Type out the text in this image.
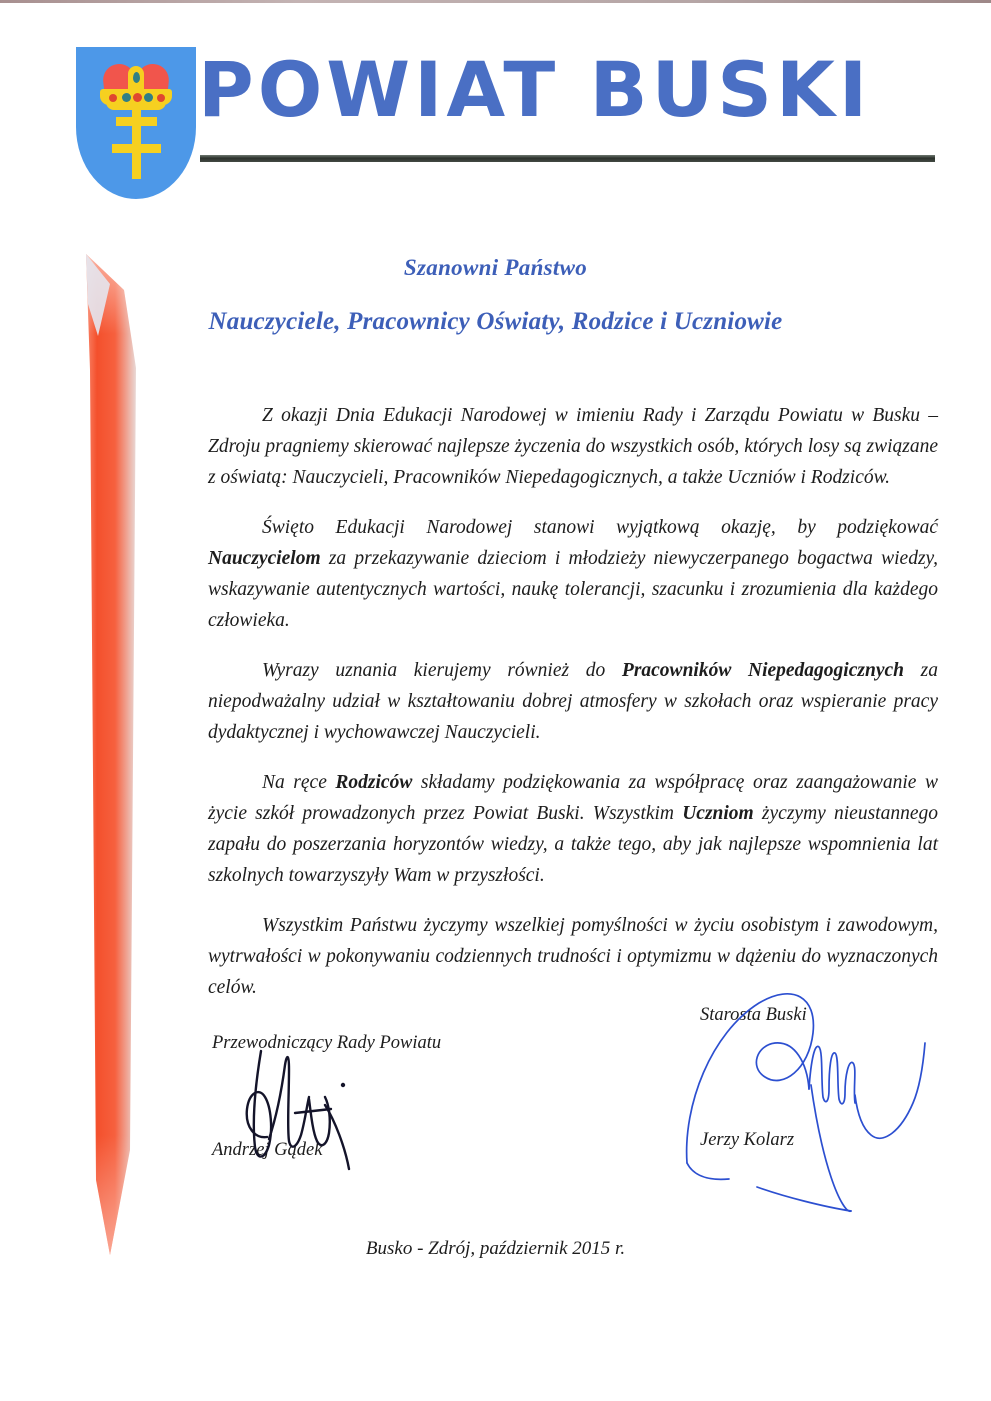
POWIAT BUSKI
Szanowni Państwo
Nauczyciele, Pracownicy Oświaty, Rodzice i Uczniowie

Z okazji Dnia Edukacji Narodowej w imieniu Rady i Zarządu Powiatu w Busku – Zdroju pragniemy skierować najlepsze życzenia do wszystkich osób, których losy są związane z oświatą: Nauczycieli, Pracowników Niepedagogicznych, a także Uczniów i Rodziców.

Święto Edukacji Narodowej stanowi wyjątkową okazję, by podziękować Nauczycielom za przekazywanie dzieciom i młodzieży niewyczerpanego bogactwa wiedzy, wskazywanie autentycznych wartości, naukę tolerancji, szacunku i zrozumienia dla każdego człowieka.

Wyrazy uznania kierujemy również do Pracowników Niepedagogicznych za niepodważalny udział w kształtowaniu dobrej atmosfery w szkołach oraz wspieranie pracy dydaktycznej i wychowawczej Nauczycieli.

Na ręce Rodziców składamy podziękowania za współpracę oraz zaangażowanie w życie szkół prowadzonych przez Powiat Buski. Wszystkim Uczniom życzymy nieustannego zapału do poszerzania horyzontów wiedzy, a także tego, aby jak najlepsze wspomnienia lat szkolnych towarzyszyły Wam w przyszłości.

Wszystkim Państwu życzymy wszelkiej pomyślności w życiu osobistym i zawodowym, wytrwałości w pokonywaniu codziennych trudności i optymizmu w dążeniu do wyznaczonych celów.

Przewodniczący Rady Powiatu
Andrzej Gądek
Starosta Buski
Jerzy Kolarz
Busko - Zdrój, październik 2015 r.
